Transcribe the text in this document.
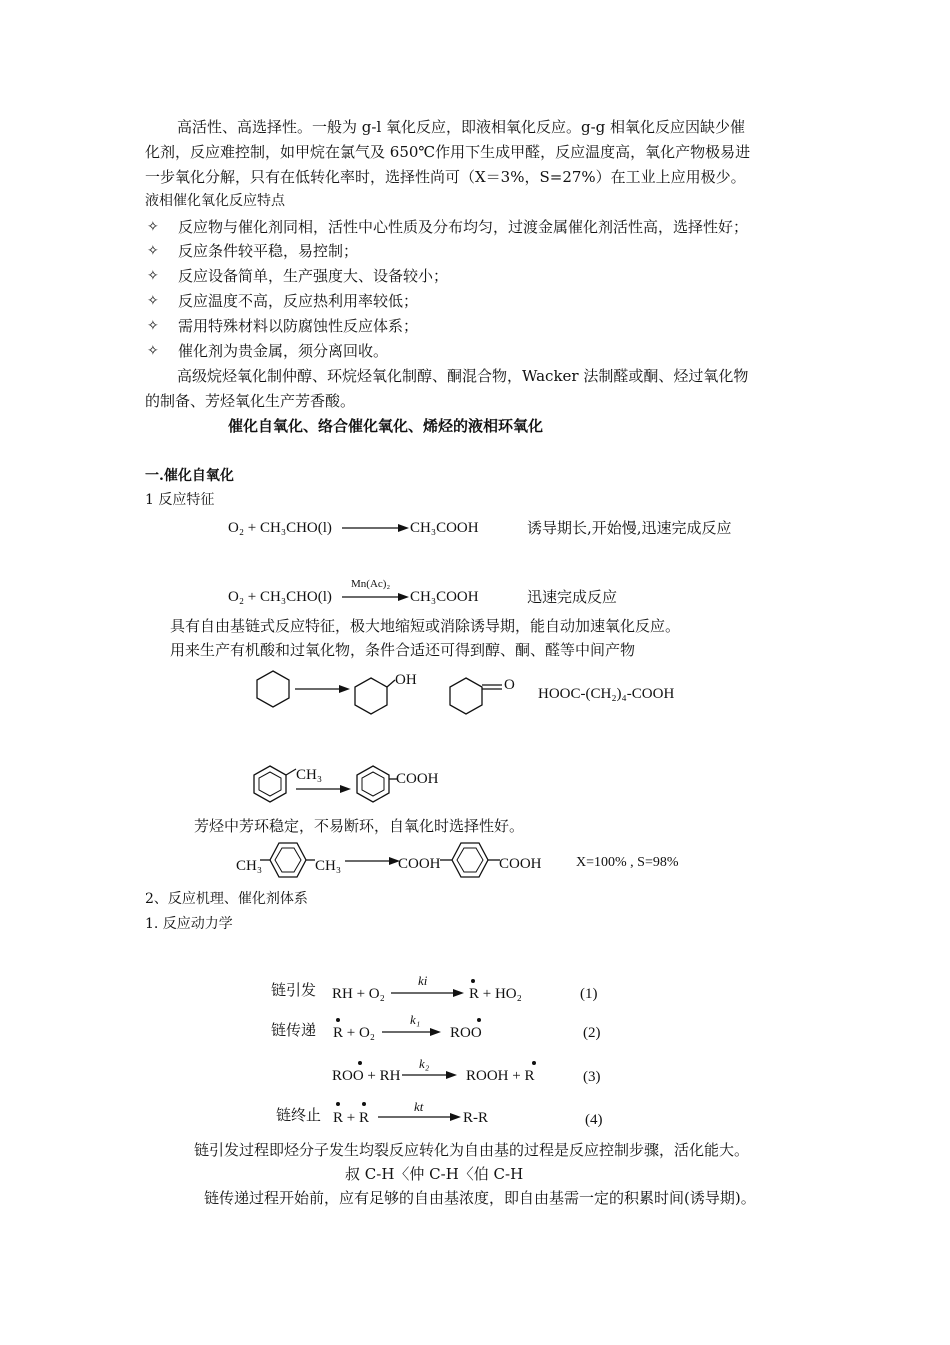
高活性、高选择性。一般为 g-l 氧化反应，即液相氧化反应。g-g 相氧化反应因缺少催
化剂，反应难控制，如甲烷在氯气及 650℃作用下生成甲醛，反应温度高，氧化产物极易进
一步氧化分解，只有在低转化率时，选择性尚可（X＝3%，S=27%）在工业上应用极少。
液相催化氧化反应特点
✧ 反应物与催化剂同相，活性中心性质及分布均匀，过渡金属催化剂活性高，选择性好；
✧ 反应条件较平稳，易控制；
✧ 反应设备简单，生产强度大、设备较小；
✧ 反应温度不高，反应热利用率较低；
✧ 需用特殊材料以防腐蚀性反应体系；
✧ 催化剂为贵金属，须分离回收。
高级烷烃氧化制仲醇、环烷烃氧化制醇、酮混合物，Wacker 法制醛或酮、烃过氧化物
的制备、芳烃氧化生产芳香酸。
催化自氧化、络合催化氧化、烯烃的液相环氧化
一.催化自氧化
1 反应特征
O₂ + CH₃CHO(l)	CH₃COOH	诱导期长,开始慢,迅速完成反应
O₂ + CH₃CHO(l)
Mn(Ac)₂
CH₃COOH	迅速完成反应
具有自由基链式反应特征，极大地缩短或消除诱导期，能自动加速氧化反应。
用来生产有机酸和过氧化物，条件合适还可得到醇、酮、醛等中间产物
OH	O
HOOC-(CH₂)₄-COOH
CH₃	COOH
芳烃中芳环稳定，不易断环，自氧化时选择性好。
CH₃	CH₃ →
COOH	COOH X=100% , S=98%
2、反应机理、催化剂体系
1. 反应动力学
链引发 RH + O₂
ki
R + HO₂	(1)
链传递 R + O₂
k₁
→ ROO	(2)
ROO + RH
k₂
→ ROOH + R	(3)
链终止 R + R
kt
R-R	(4)
链引发过程即烃分子发生均裂反应转化为自由基的过程是反应控制步骤，活化能大。
叔 C-H〈仲 C-H〈伯 C-H
链传递过程开始前，应有足够的自由基浓度，即自由基需一定的积累时间(诱导期)。
